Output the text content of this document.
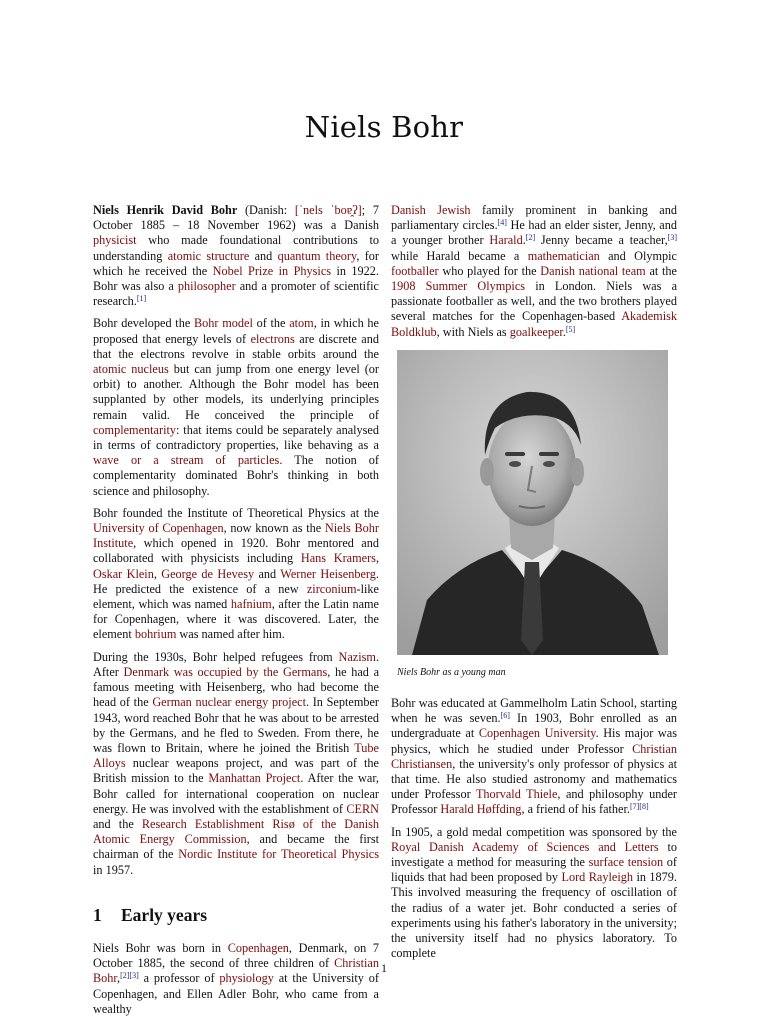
Niels Bohr

Niels Henrik David Bohr (Danish: [ˈnels ˈboɐ̯ʔ]; 7 October 1885 – 18 November 1962) was a Danish physicist who made foundational contributions to understanding atomic structure and quantum theory, for which he received the Nobel Prize in Physics in 1922. Bohr was also a philosopher and a promoter of scientific research.[1]

Bohr developed the Bohr model of the atom, in which he proposed that energy levels of electrons are discrete and that the electrons revolve in stable orbits around the atomic nucleus but can jump from one energy level (or orbit) to another. Although the Bohr model has been supplanted by other models, its underlying principles remain valid. He conceived the principle of complementarity: that items could be separately analysed in terms of contradictory properties, like behaving as a wave or a stream of particles. The notion of complementarity dominated Bohr's thinking in both science and philosophy.

Bohr founded the Institute of Theoretical Physics at the University of Copenhagen, now known as the Niels Bohr Institute, which opened in 1920. Bohr mentored and collaborated with physicists including Hans Kramers, Oskar Klein, George de Hevesy and Werner Heisenberg. He predicted the existence of a new zirconium-like element, which was named hafnium, after the Latin name for Copenhagen, where it was discovered. Later, the element bohrium was named after him.

During the 1930s, Bohr helped refugees from Nazism. After Denmark was occupied by the Germans, he had a famous meeting with Heisenberg, who had become the head of the German nuclear energy project. In September 1943, word reached Bohr that he was about to be arrested by the Germans, and he fled to Sweden. From there, he was flown to Britain, where he joined the British Tube Alloys nuclear weapons project, and was part of the British mission to the Manhattan Project. After the war, Bohr called for international cooperation on nuclear energy. He was involved with the establishment of CERN and the Research Establishment Risø of the Danish Atomic Energy Commission, and became the first chairman of the Nordic Institute for Theoretical Physics in 1957.

1 Early years

Niels Bohr was born in Copenhagen, Denmark, on 7 October 1885, the second of three children of Christian Bohr,[2][3] a professor of physiology at the University of Copenhagen, and Ellen Adler Bohr, who came from a wealthy

Danish Jewish family prominent in banking and parliamentary circles.[4] He had an elder sister, Jenny, and a younger brother Harald.[2] Jenny became a teacher,[3] while Harald became a mathematician and Olympic footballer who played for the Danish national team at the 1908 Summer Olympics in London. Niels was a passionate footballer as well, and the two brothers played several matches for the Copenhagen-based Akademisk Boldklub, with Niels as goalkeeper.[5]

Niels Bohr as a young man

Bohr was educated at Gammelholm Latin School, starting when he was seven.[6] In 1903, Bohr enrolled as an undergraduate at Copenhagen University. His major was physics, which he studied under Professor Christian Christiansen, the university's only professor of physics at that time. He also studied astronomy and mathematics under Professor Thorvald Thiele, and philosophy under Professor Harald Høffding, a friend of his father.[7][8]

In 1905, a gold medal competition was sponsored by the Royal Danish Academy of Sciences and Letters to investigate a method for measuring the surface tension of liquids that had been proposed by Lord Rayleigh in 1879. This involved measuring the frequency of oscillation of the radius of a water jet. Bohr conducted a series of experiments using his father's laboratory in the university; the university itself had no physics laboratory. To complete

1
